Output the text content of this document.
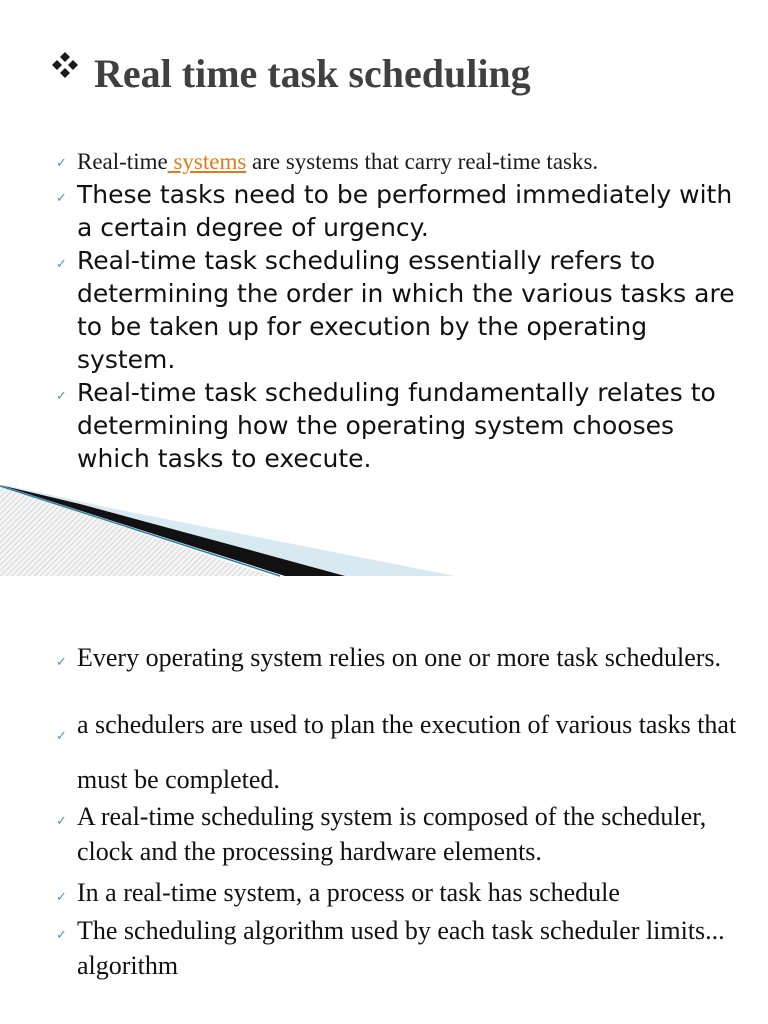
Real time task scheduling
✓ Real-time systems are systems that carry real-time tasks.
✓ These tasks need to be performed immediately with a certain degree of urgency.
✓ Real-time task scheduling essentially refers to determining the order in which the various tasks are to be taken up for execution by the operating system.
✓ Real-time task scheduling fundamentally relates to determining how the operating system chooses which tasks to execute.
✓ Every operating system relies on one or more task schedulers.
✓ a schedulers are used to plan the execution of various tasks that must be completed.
✓ A real-time scheduling system is composed of the scheduler, clock and the processing hardware elements.
✓ In a real-time system, a process or task has schedule
✓ The scheduling algorithm used by each task scheduler limits... algorithm
